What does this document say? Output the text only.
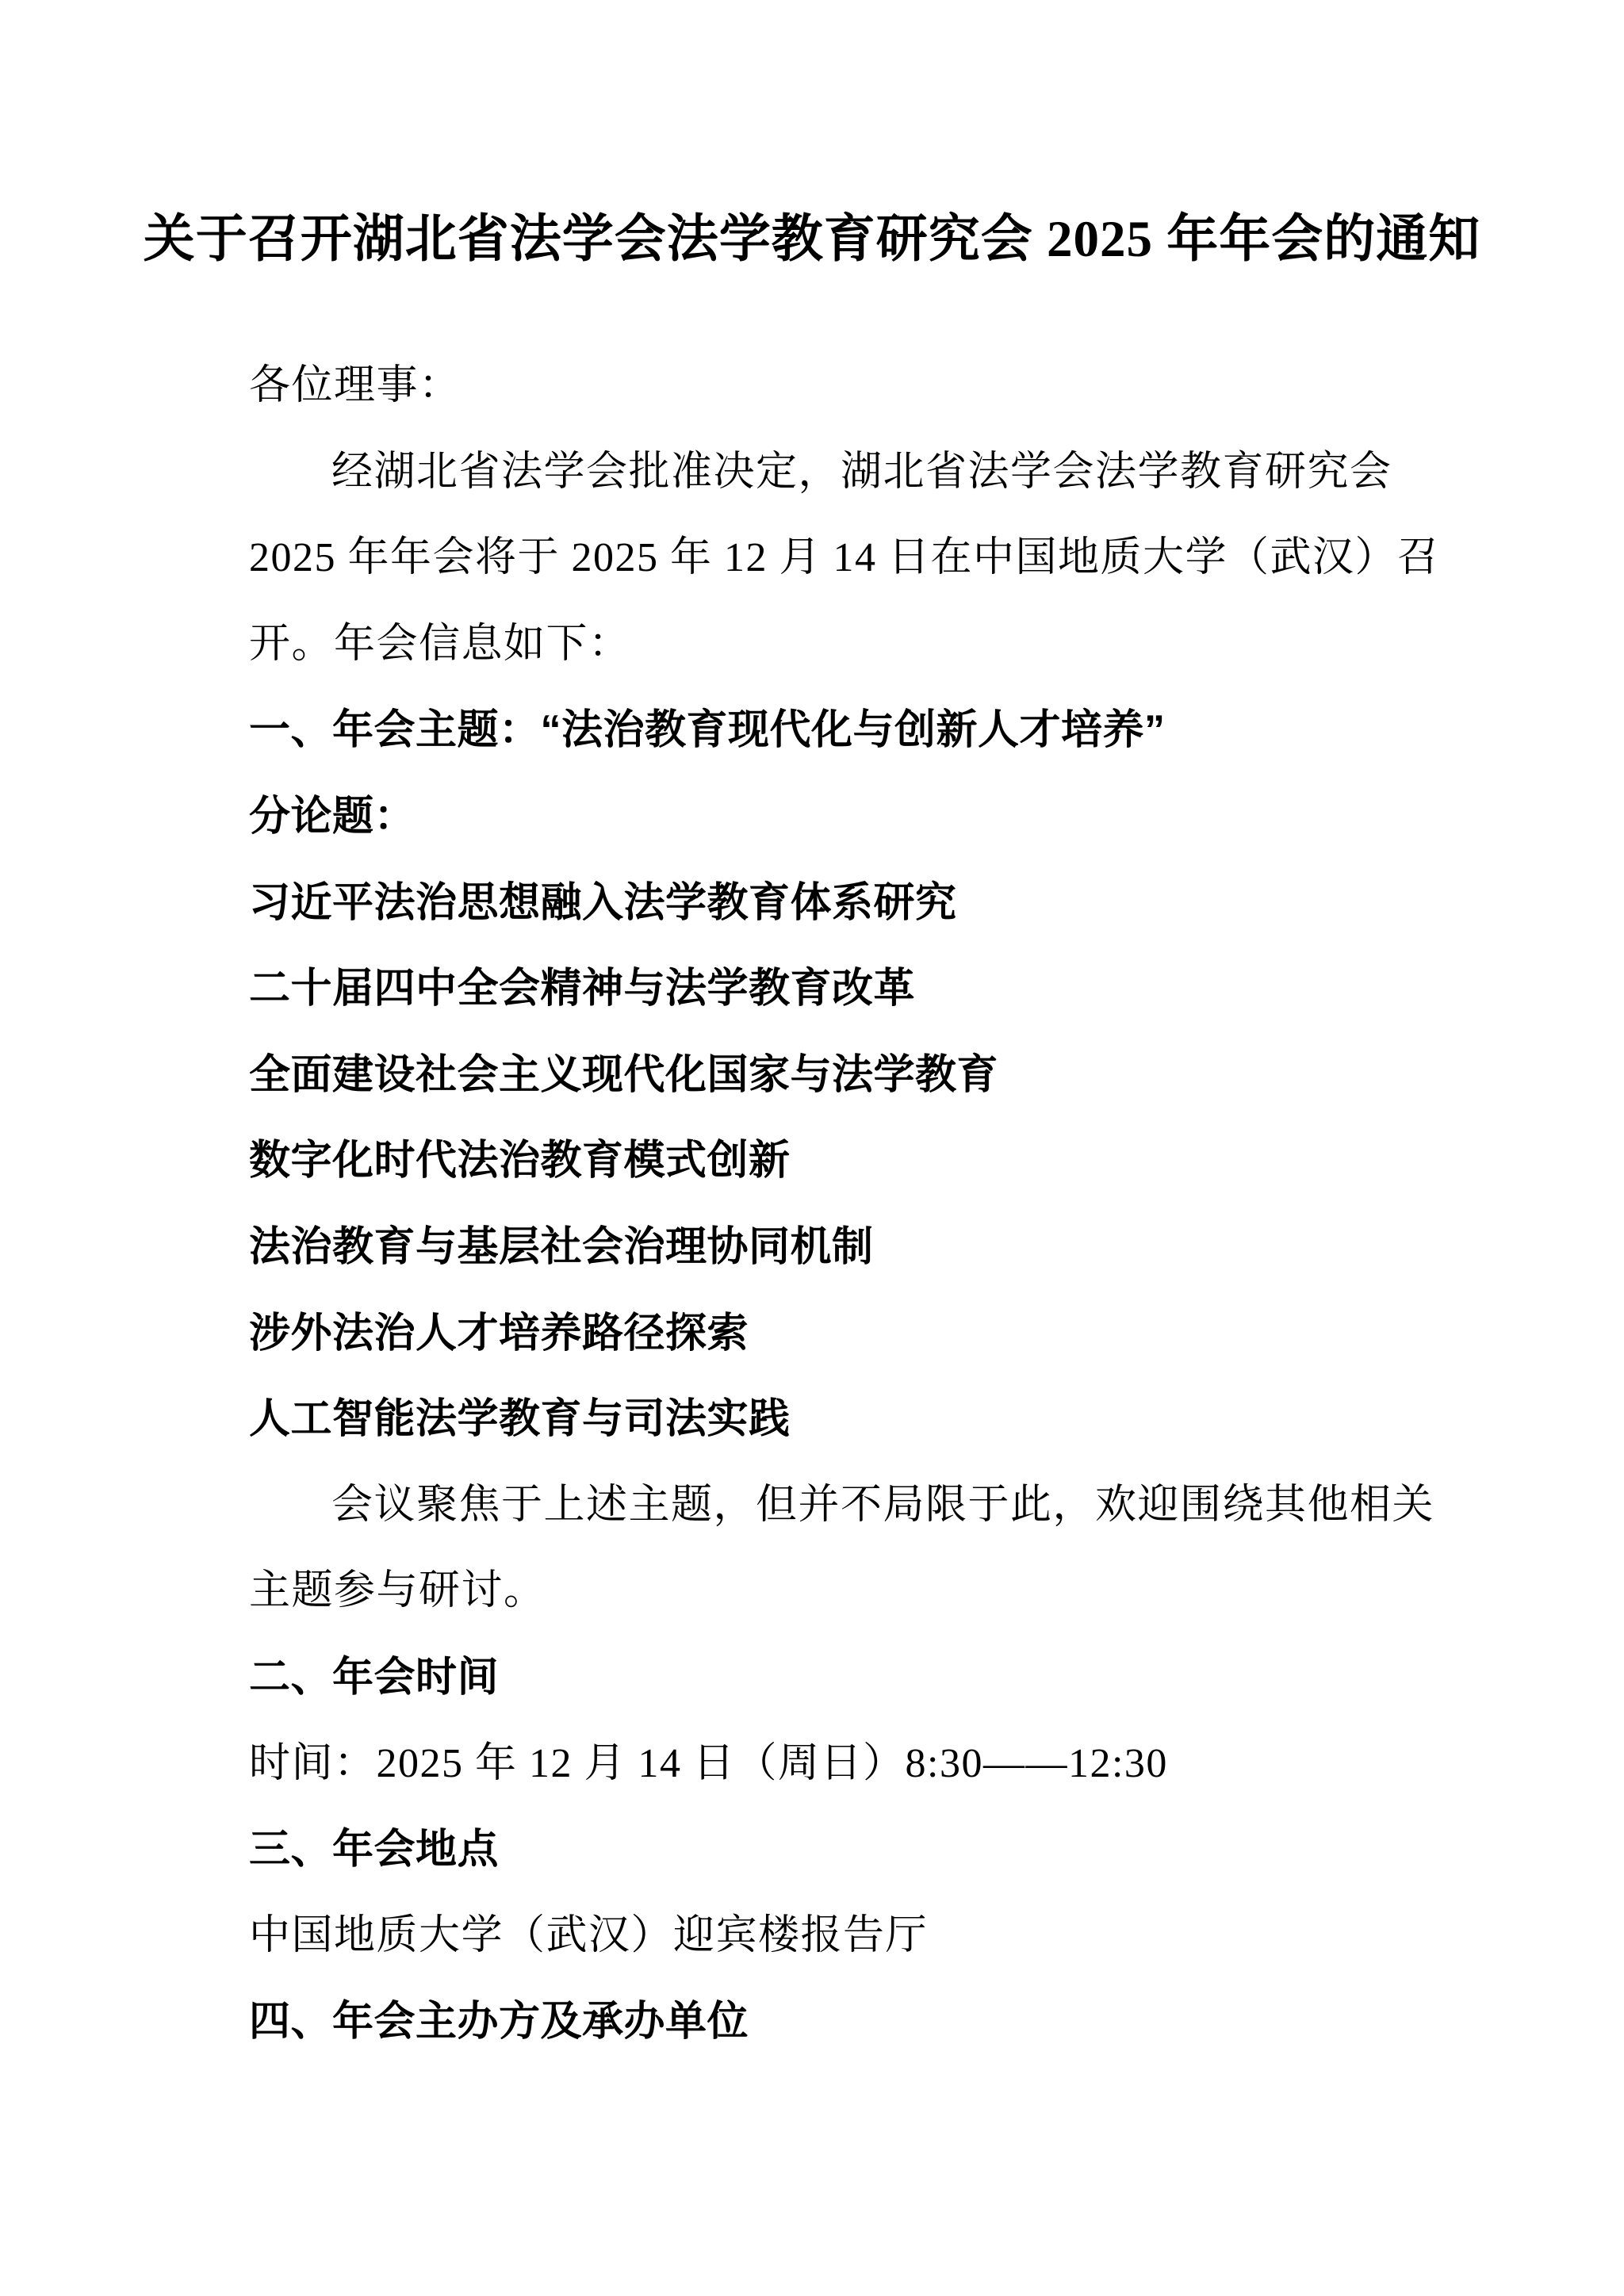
关于召开湖北省法学会法学教育研究会 2025 年年会的通知
各位理事：
经湖北省法学会批准决定，湖北省法学会法学教育研究会
2025 年年会将于 2025 年 12 月 14 日在中国地质大学（武汉）召
开。年会信息如下：
一、年会主题：“法治教育现代化与创新人才培养”
分论题：
习近平法治思想融入法学教育体系研究
二十届四中全会精神与法学教育改革
全面建设社会主义现代化国家与法学教育
数字化时代法治教育模式创新
法治教育与基层社会治理协同机制
涉外法治人才培养路径探索
人工智能法学教育与司法实践
会议聚焦于上述主题，但并不局限于此，欢迎围绕其他相关
主题参与研讨。
二、年会时间
时间：2025 年 12 月 14 日（周日）8:30——12:30
三、年会地点
中国地质大学（武汉）迎宾楼报告厅
四、年会主办方及承办单位
